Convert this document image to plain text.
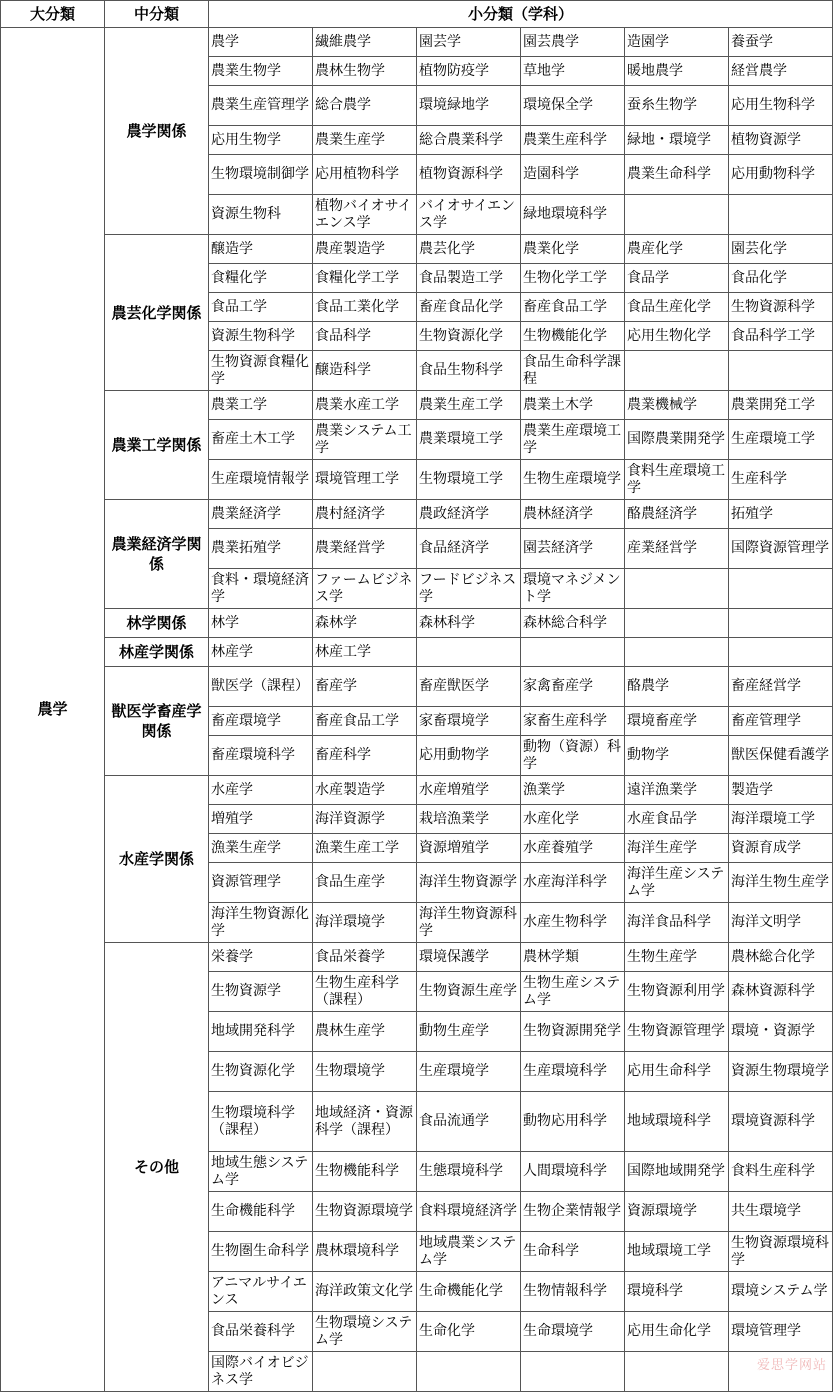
大分類	中分類	小分類（学科）					
農学	農学関係	農学	繊維農学	園芸学	園芸農学	造園学	養蚕学
		農業生物学	農林生物学	植物防疫学	草地学	暖地農学	経営農学
		農業生産管理学	総合農学	環境緑地学	環境保全学	蚕糸生物学	応用生物科学
		応用生物学	農業生産学	総合農業科学	農業生産科学	緑地・環境学	植物資源学
		生物環境制御学	応用植物科学	植物資源科学	造園科学	農業生命科学	応用動物科学
		資源生物科	植物バイオサイエンス学	バイオサイエンス学	緑地環境科学		
	農芸化学関係	醸造学	農産製造学	農芸化学	農業化学	農産化学	園芸化学
		食糧化学	食糧化学工学	食品製造工学	生物化学工学	食品学	食品化学
		食品工学	食品工業化学	畜産食品化学	畜産食品工学	食品生産化学	生物資源科学
		資源生物科学	食品科学	生物資源化学	生物機能化学	応用生物化学	食品科学工学
		生物資源食糧化学	醸造科学	食品生物科学	食品生命科学課程		
	農業工学関係	農業工学	農業水産工学	農業生産工学	農業土木学	農業機械学	農業開発工学
		畜産土木工学	農業システム工学	農業環境工学	農業生産環境工学	国際農業開発学	生産環境工学
		生産環境情報学	環境管理工学	生物環境工学	生物生産環境学	食料生産環境工学	生産科学
	農業経済学関係	農業経済学	農村経済学	農政経済学	農林経済学	酪農経済学	拓殖学
		農業拓殖学	農業経営学	食品経済学	園芸経済学	産業経営学	国際資源管理学
		食料・環境経済学	ファームビジネス学	フードビジネス学	環境マネジメント学		
	林学関係	林学	森林学	森林科学	森林総合科学		
	林産学関係	林産学	林産工学				
	獣医学畜産学関係	獣医学（課程）	畜産学	畜産獣医学	家禽畜産学	酪農学	畜産経営学
		畜産環境学	畜産食品工学	家畜環境学	家畜生産科学	環境畜産学	畜産管理学
		畜産環境科学	畜産科学	応用動物学	動物（資源）科学	動物学	獣医保健看護学
	水産学関係	水産学	水産製造学	水産増殖学	漁業学	遠洋漁業学	製造学
		増殖学	海洋資源学	栽培漁業学	水産化学	水産食品学	海洋環境工学
		漁業生産学	漁業生産工学	資源増殖学	水産養殖学	海洋生産学	資源育成学
		資源管理学	食品生産学	海洋生物資源学	水産海洋科学	海洋生産システム学	海洋生物生産学
		海洋生物資源化学	海洋環境学	海洋生物資源科学	水産生物科学	海洋食品科学	海洋文明学
	その他	栄養学	食品栄養学	環境保護学	農林学類	生物生産学	農林総合化学
		生物資源学	生物生産科学（課程）	生物資源生産学	生物生産システム学	生物資源利用学	森林資源科学
		地域開発科学	農林生産学	動物生産学	生物資源開発学	生物資源管理学	環境・資源学
		生物資源化学	生物環境学	生産環境学	生産環境科学	応用生命科学	資源生物環境学
		生物環境科学（課程）	地域経済・資源科学（課程）	食品流通学	動物応用科学	地域環境科学	環境資源科学
		地域生態システム学	生物機能科学	生態環境科学	人間環境科学	国際地域開発学	食料生産科学
		生命機能科学	生物資源環境学	食料環境経済学	生物企業情報学	資源環境学	共生環境学
		生物圏生命科学	農林環境科学	地域農業システム学	生命科学	地域環境工学	生物資源環境科学
		アニマルサイエンス	海洋政策文化学	生命機能化学	生物情報科学	環境科学	環境システム学
		食品栄養科学	生物環境システム学	生命化学	生命環境学	応用生命化学	環境管理学
		国際バイオビジネス学					
爱思学网站
